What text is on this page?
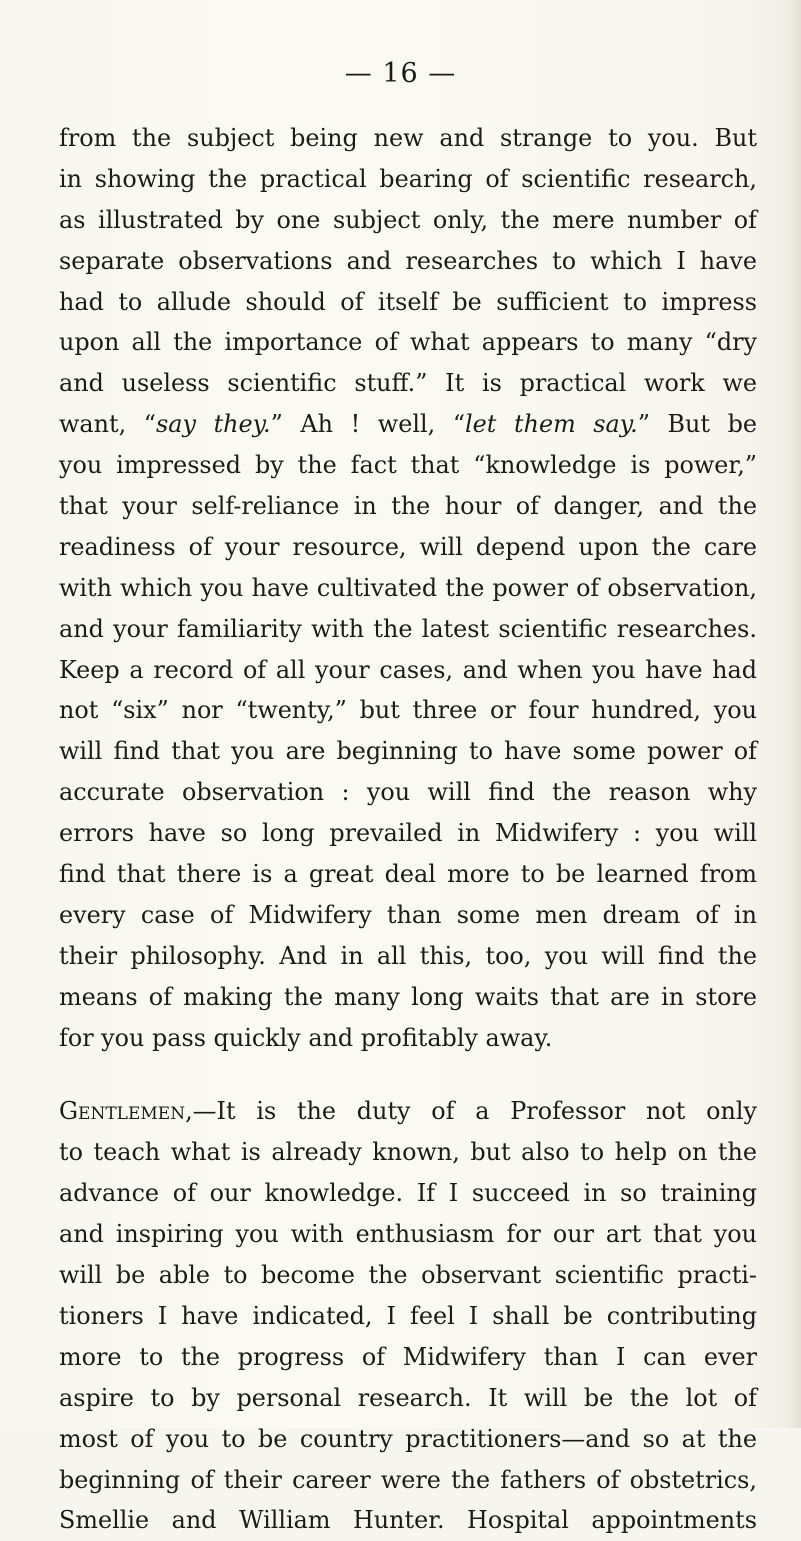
— 16 —
from the subject being new and strange to you. But
in showing the practical bearing of scientific research,
as illustrated by one subject only, the mere number of
separate observations and researches to which I have
had to allude should of itself be sufficient to impress
upon all the importance of what appears to many “dry
and useless scientific stuff.” It is practical work we
want, “say they.” Ah ! well, “let them say.” But be
you impressed by the fact that “knowledge is power,”
that your self-reliance in the hour of danger, and the
readiness of your resource, will depend upon the care
with which you have cultivated the power of observation,
and your familiarity with the latest scientific researches.
Keep a record of all your cases, and when you have had
not “six” nor “twenty,” but three or four hundred, you
will find that you are beginning to have some power of
accurate observation : you will find the reason why
errors have so long prevailed in Midwifery : you will
find that there is a great deal more to be learned from
every case of Midwifery than some men dream of in
their philosophy. And in all this, too, you will find the
means of making the many long waits that are in store
for you pass quickly and profitably away.
Gentlemen,—It is the duty of a Professor not only
to teach what is already known, but also to help on the
advance of our knowledge. If I succeed in so training
and inspiring you with enthusiasm for our art that you
will be able to become the observant scientific practi-
tioners I have indicated, I feel I shall be contributing
more to the progress of Midwifery than I can ever
aspire to by personal research. It will be the lot of
most of you to be country practitioners—and so at the
beginning of their career were the fathers of obstetrics,
Smellie and William Hunter. Hospital appointments
